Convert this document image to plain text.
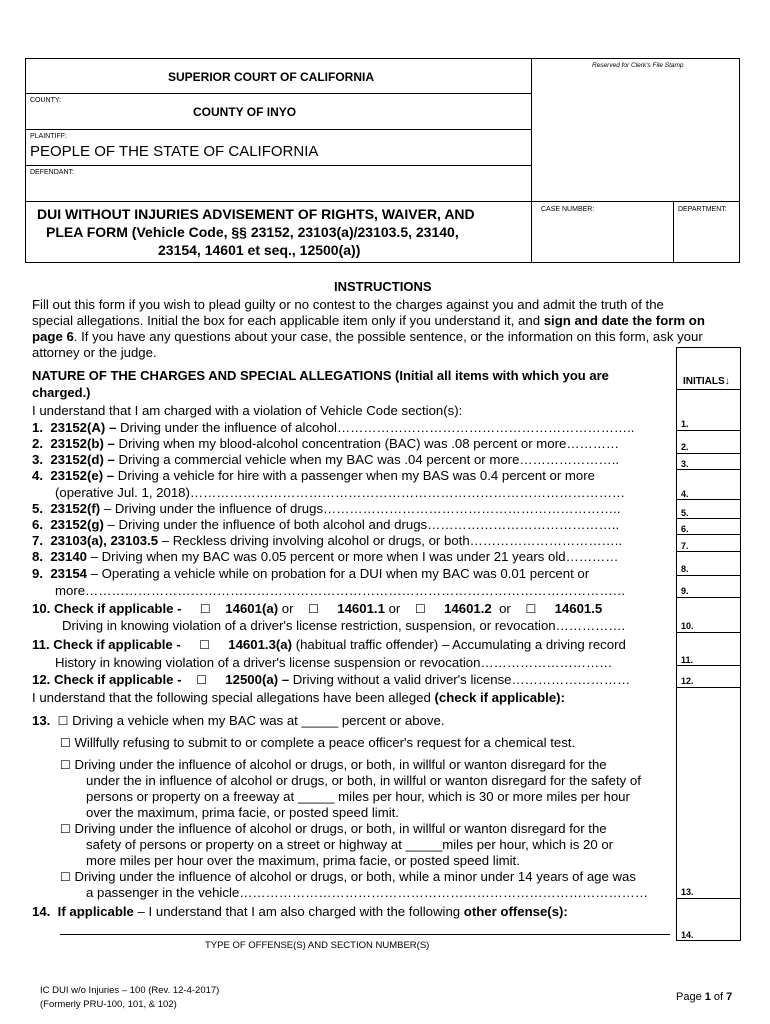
Reserved for Clerk's File Stamp
SUPERIOR COURT OF CALIFORNIA
COUNTY:
COUNTY OF INYO
PLAINTIFF:
PEOPLE OF THE STATE OF CALIFORNIA
DEFENDANT:
DUI WITHOUT INJURIES ADVISEMENT OF RIGHTS, WAIVER, AND
PLEA FORM (Vehicle Code, §§ 23152, 23103(a)/23103.5, 23140,
23154, 14601 et seq., 12500(a))
CASE NUMBER:	DEPARTMENT:
INSTRUCTIONS
Fill out this form if you wish to plead guilty or no contest to the charges against you and admit the truth of the
special allegations. Initial the box for each applicable item only if you understand it, and sign and date the form on
page 6. If you have any questions about your case, the possible sentence, or the information on this form, ask your
attorney or the judge.
INITIALS↓
1.
2.
3.
4.
5.
6.
7.
8.
9.
10.
11.
12.
13.
14.
NATURE OF THE CHARGES AND SPECIAL ALLEGATIONS (Initial all items with which you are
charged.)
I understand that I am charged with a violation of Vehicle Code section(s):
1. 23152(A) – Driving under the influence of alcohol…………………………………………………………..
2. 23152(b) – Driving when my blood-alcohol concentration (BAC) was .08 percent or more…………
3. 23152(d) – Driving a commercial vehicle when my BAC was .04 percent or more…………………..
4. 23152(e) – Driving a vehicle for hire with a passenger when my BAS was 0.4 percent or more
(operative Jul. 1, 2018)………………………………………………………………………………………
5. 23152(f) – Driving under the influence of drugs…………………………………………………………..
6. 23152(g) – Driving under the influence of both alcohol and drugs……………………………………..
7. 23103(a), 23103.5 – Reckless driving involving alcohol or drugs, or both……………………………..
8. 23140 – Driving when my BAC was 0.05 percent or more when I was under 21 years old…………
9. 23154 – Operating a vehicle while on probation for a DUI when my BAC was 0.01 percent or
more……………………………………………………………………………………………………………
10. Check if applicable - ☐ 14601(a) or ☐ 14601.1 or ☐ 14601.2 or ☐ 14601.5
Driving in knowing violation of a driver's license restriction, suspension, or revocation…………….
11. Check if applicable - ☐ 14601.3(a) (habitual traffic offender) – Accumulating a driving record
History in knowing violation of a driver's license suspension or revocation…………………………
12. Check if applicable - ☐ 12500(a) – Driving without a valid driver's license………………………
I understand that the following special allegations have been alleged (check if applicable):
13. ☐ Driving a vehicle when my BAC was at _____ percent or above.
☐ Willfully refusing to submit to or complete a peace officer's request for a chemical test.
☐ Driving under the influence of alcohol or drugs, or both, in willful or wanton disregard for the
under the in influence of alcohol or drugs, or both, in willful or wanton disregard for the safety of
persons or property on a freeway at _____ miles per hour, which is 30 or more miles per hour
over the maximum, prima facie, or posted speed limit.
☐ Driving under the influence of alcohol or drugs, or both, in willful or wanton disregard for the
safety of persons or property on a street or highway at _____miles per hour, which is 20 or
more miles per hour over the maximum, prima facie, or posted speed limit.
☐ Driving under the influence of alcohol or drugs, or both, while a minor under 14 years of age was
a passenger in the vehicle…………………………………………………………………………………
14. If applicable – I understand that I am also charged with the following other offense(s):
TYPE OF OFFENSE(S) AND SECTION NUMBER(S)
IC DUI w/o Injuries – 100 (Rev. 12-4-2017)
(Formerly PRU-100, 101, & 102)
Page 1 of 7
